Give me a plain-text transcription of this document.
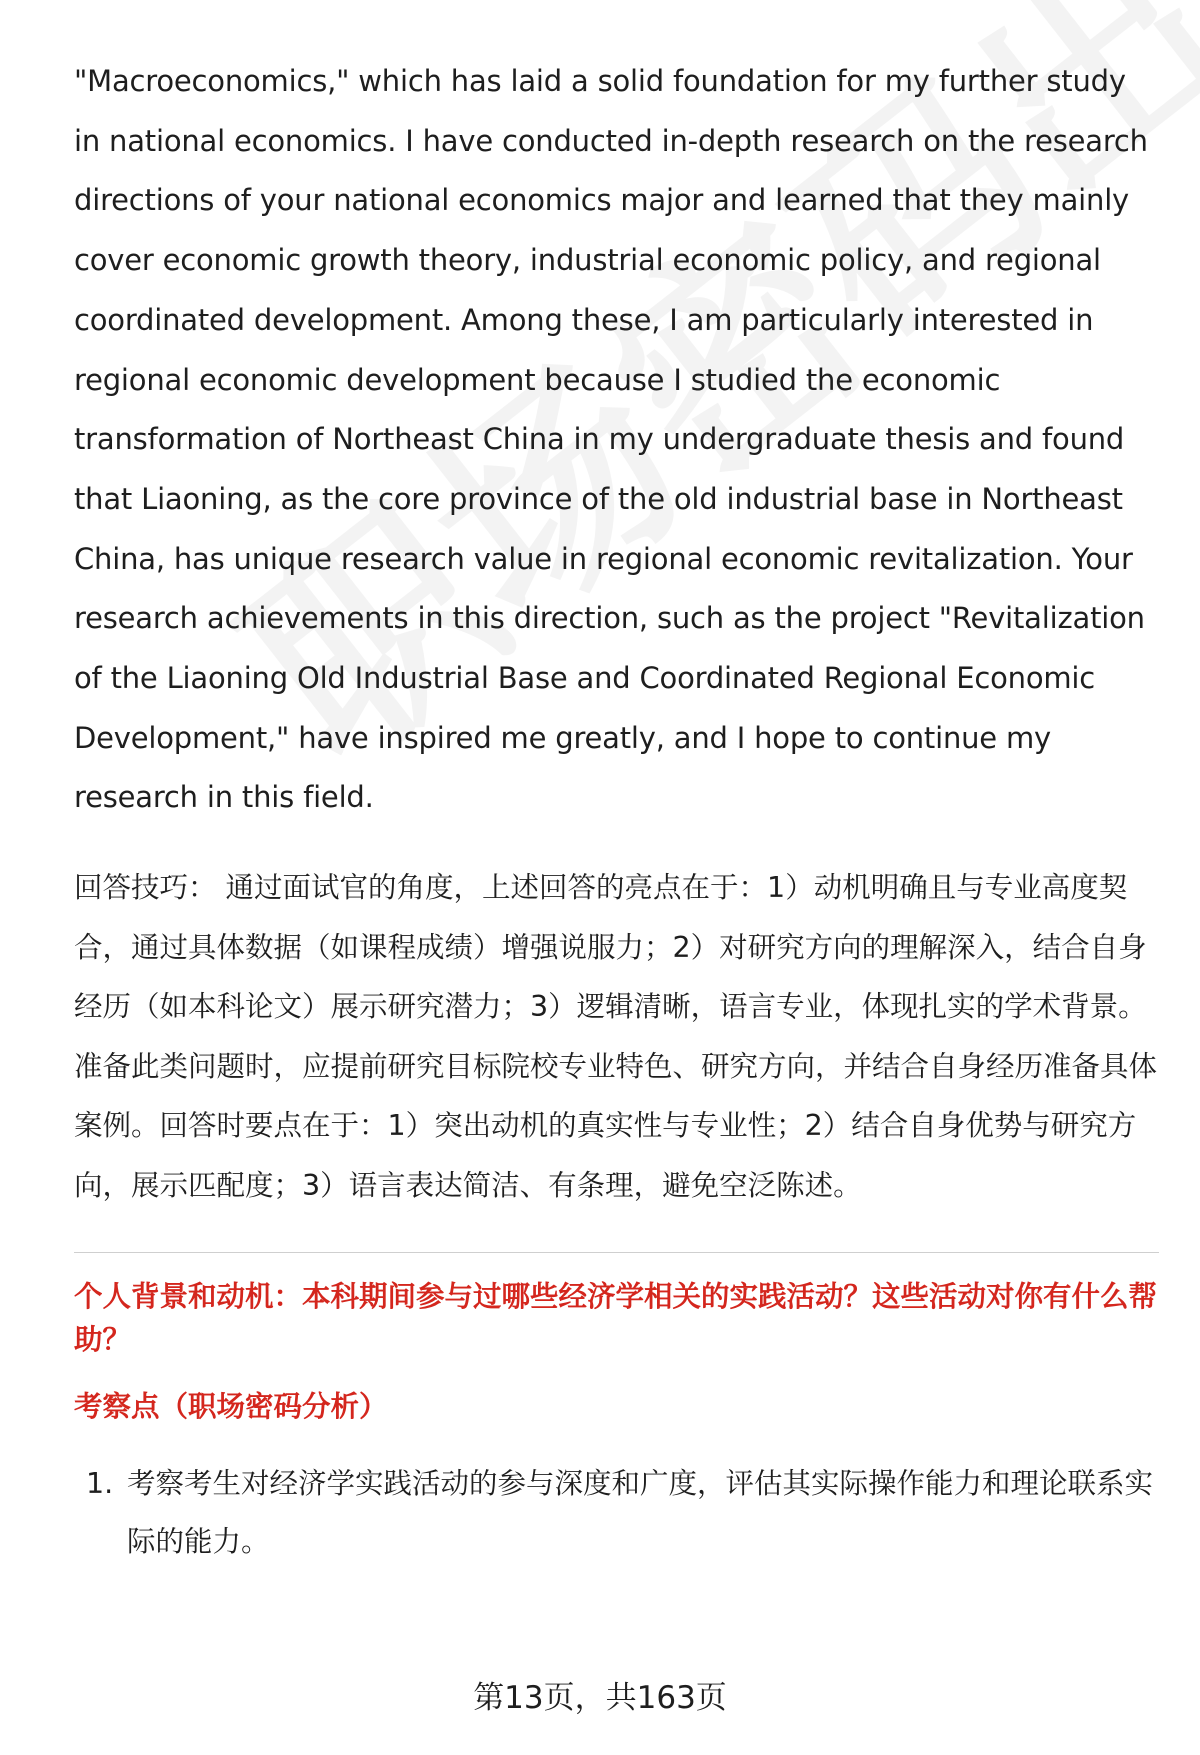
"Macroeconomics," which has laid a solid foundation for my further study in national economics. I have conducted in-depth research on the research directions of your national economics major and learned that they mainly cover economic growth theory, industrial economic policy, and regional coordinated development. Among these, I am particularly interested in regional economic development because I studied the economic transformation of Northeast China in my undergraduate thesis and found that Liaoning, as the core province of the old industrial base in Northeast China, has unique research value in regional economic revitalization. Your research achievements in this direction, such as the project "Revitalization of the Liaoning Old Industrial Base and Coordinated Regional Economic Development," have inspired me greatly, and I hope to continue my research in this field.

回答技巧： 通过面试官的角度，上述回答的亮点在于：1）动机明确且与专业高度契合，通过具体数据（如课程成绩）增强说服力；2）对研究方向的理解深入，结合自身经历（如本科论文）展示研究潜力；3）逻辑清晰，语言专业，体现扎实的学术背景。

准备此类问题时，应提前研究目标院校专业特色、研究方向，并结合自身经历准备具体案例。回答时要点在于：1）突出动机的真实性与专业性；2）结合自身优势与研究方向，展示匹配度；3）语言表达简洁、有条理，避免空泛陈述。

个人背景和动机：本科期间参与过哪些经济学相关的实践活动？这些活动对你有什么帮助？

考察点（职场密码分析）

1. 考察考生对经济学实践活动的参与深度和广度，评估其实际操作能力和理论联系实际的能力。
第13页，共163页
